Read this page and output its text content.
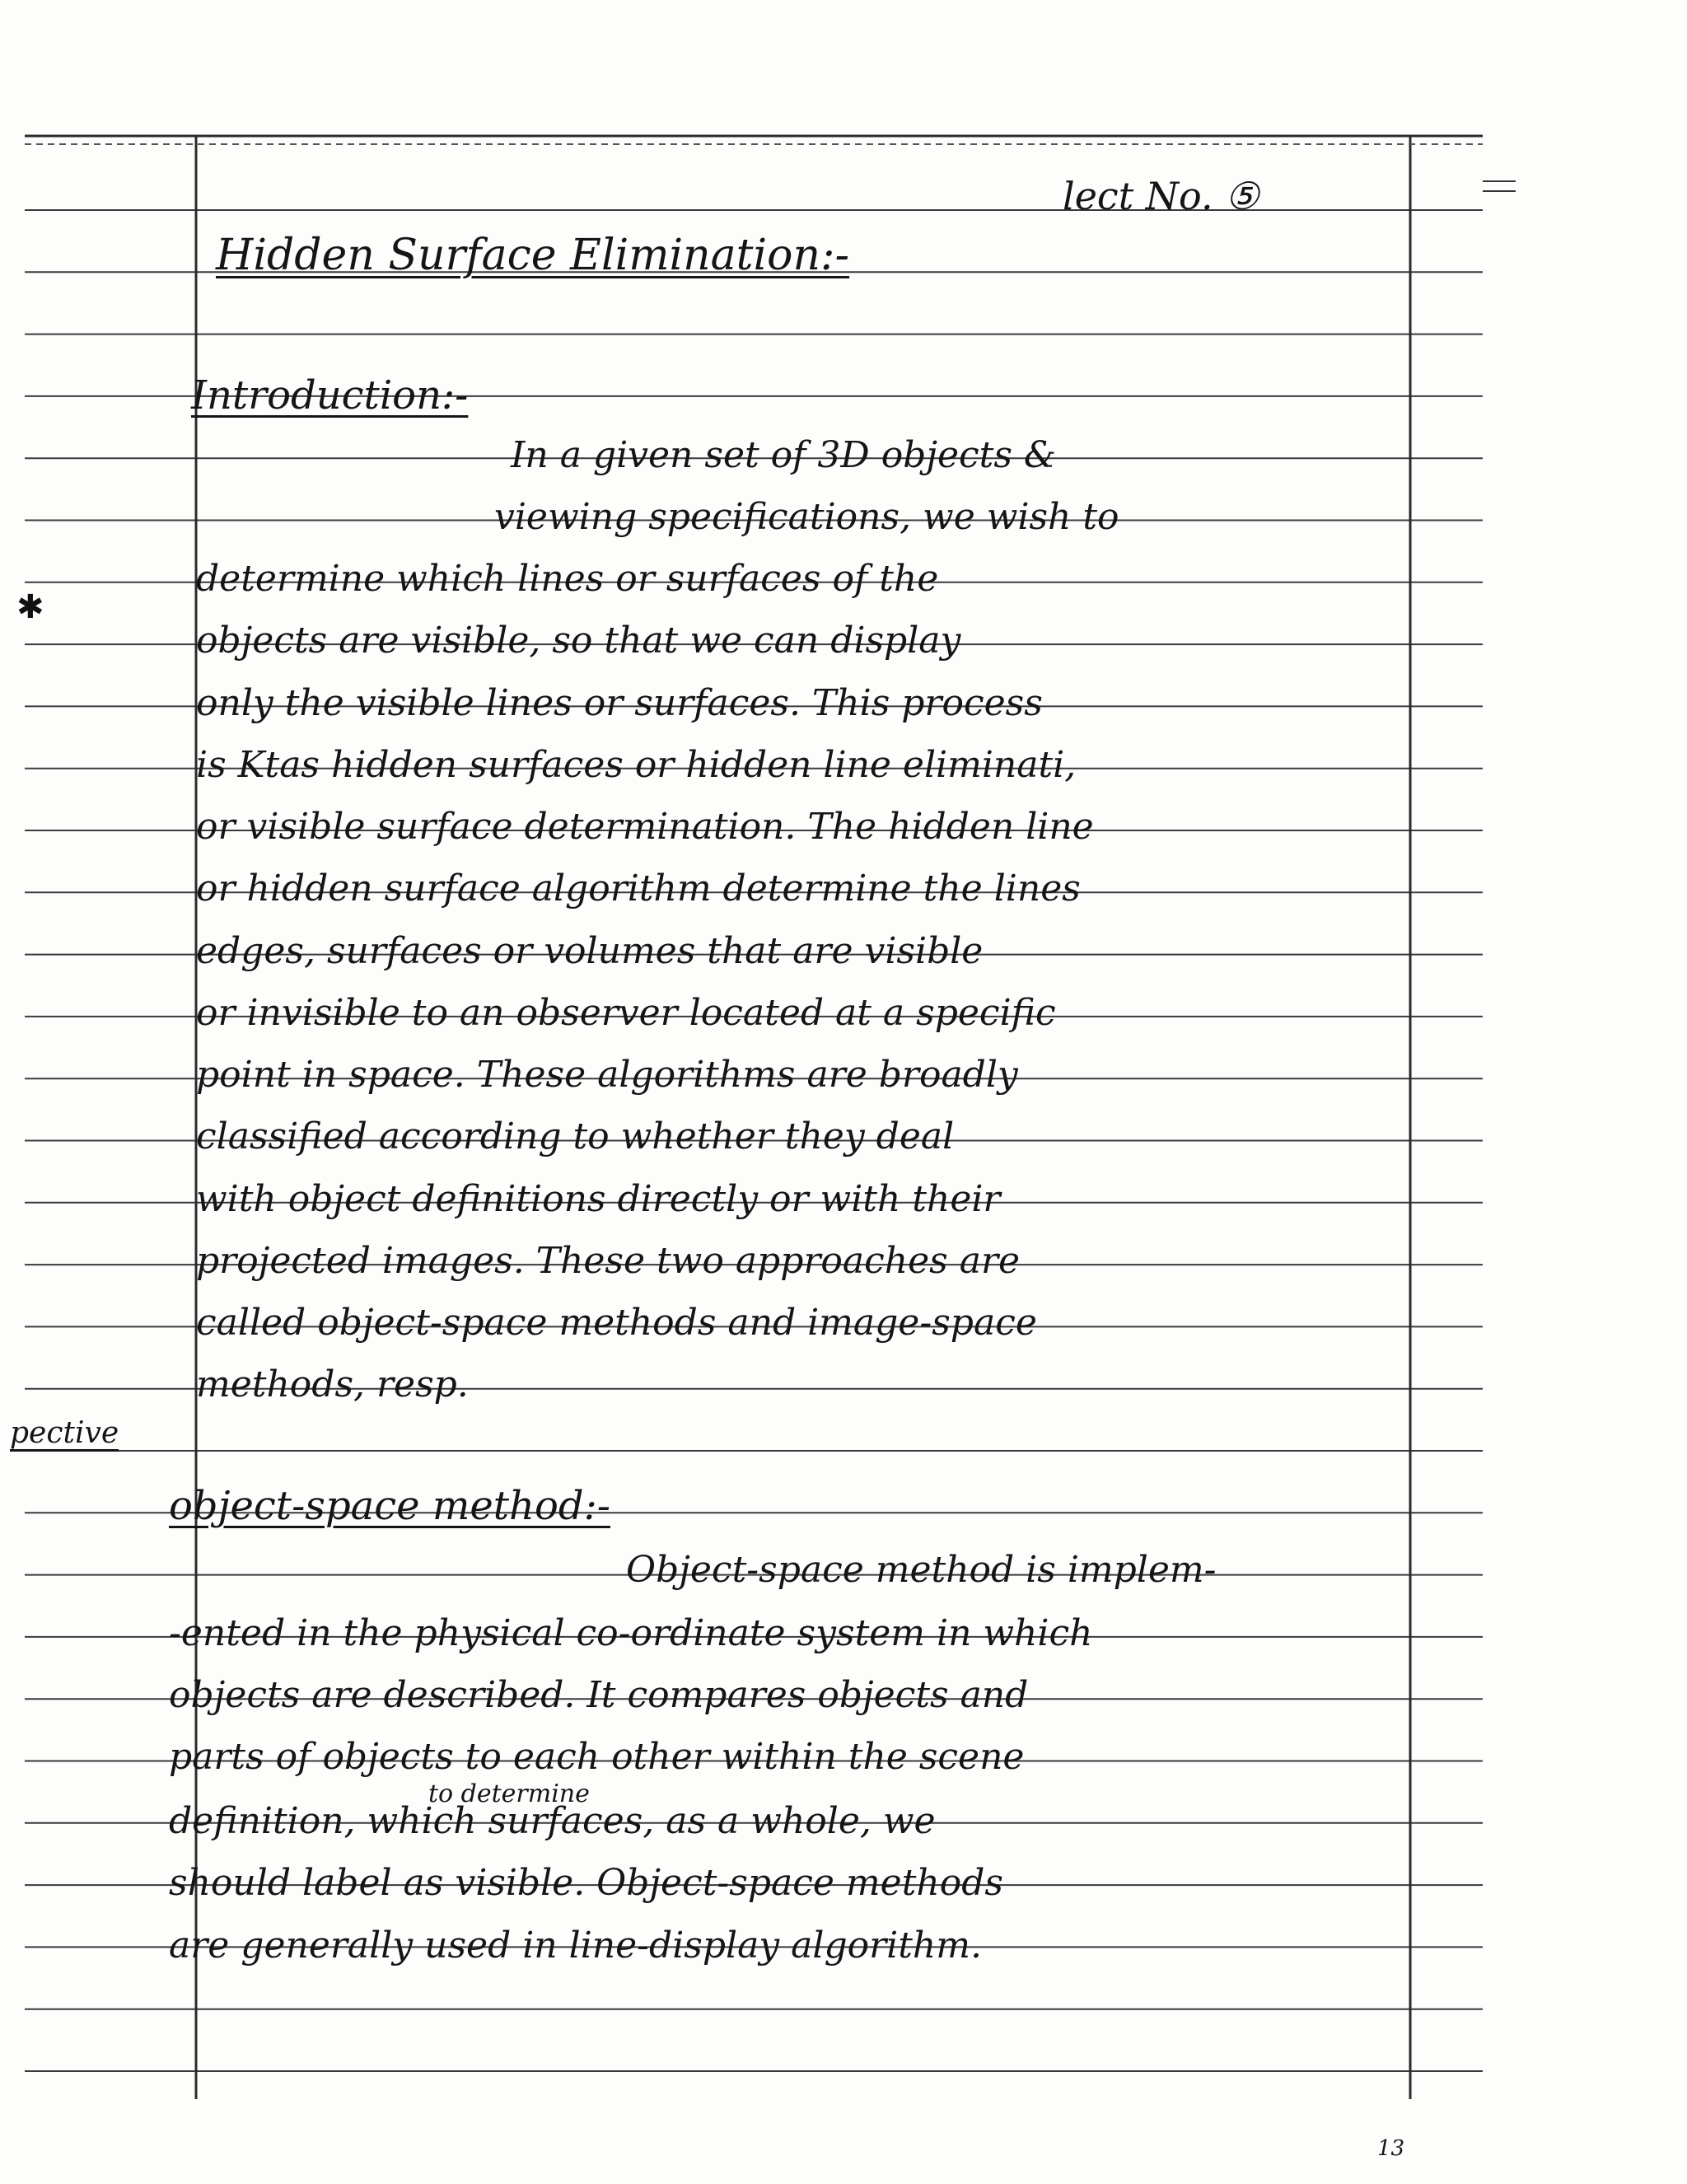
✱
lect No. ⑤
Hidden Surface Elimination:-
Introduction:-
In a given set of 3D objects &
viewing specifications, we wish to
determine which lines or surfaces of the
objects are visible, so that we can display
only the visible lines or surfaces. This process
is Ktas hidden surfaces or hidden line eliminati,
or visible surface determination. The hidden line
or hidden surface algorithm determine the lines
edges, surfaces or volumes that are visible
or invisible to an observer located at a specific
point in space. These algorithms are broadly
classified according to whether they deal
with object definitions directly or with their
projected images. These two approaches are
called object-space methods and image-space
methods, resp.
pective
object-space method:-
Object-space method is implem-
-ented in the physical co-ordinate system in which
objects are described. It compares objects and
parts of objects to each other within the scene
definition, which surfaces, as a whole, we
should label as visible. Object-space methods
are generally used in line-display algorithm.
to determine
13
